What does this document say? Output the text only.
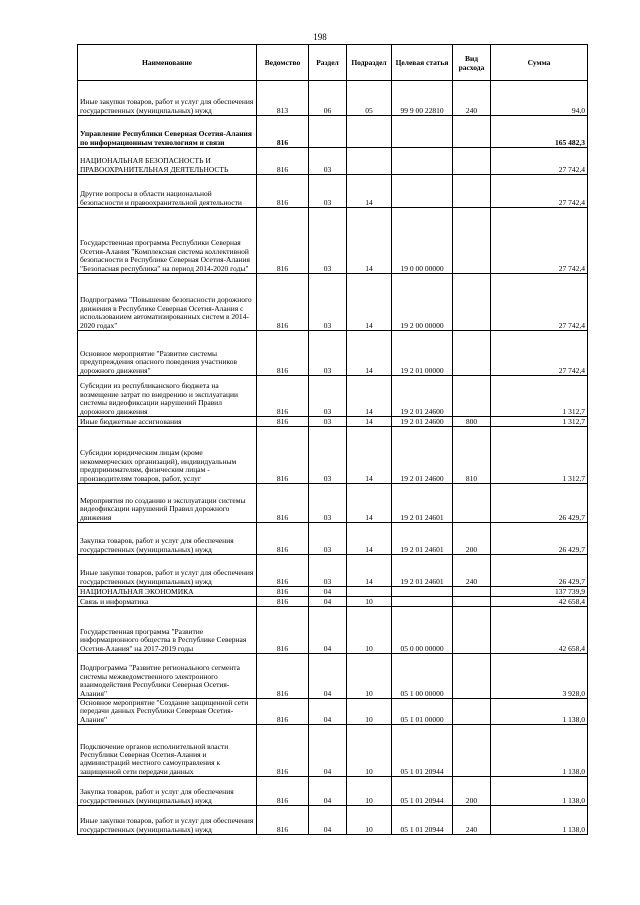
198
Наименование	Ведомство	Раздел	Подраздел	Целевая статья	Вид расхода	Сумма
Иные закупки товаров, работ и услуг для обеспечения государственных (муниципальных) нужд	813	06	05	99 9 00 22810	240	94,0
Управление Республики Северная Осетия-Алания по информационным технологиям и связи	816					165 482,3
НАЦИОНАЛЬНАЯ БЕЗОПАСНОСТЬ И ПРАВООХРАНИТЕЛЬНАЯ ДЕЯТЕЛЬНОСТЬ	816	03				27 742,4
Другие вопросы в области национальной безопасности и правоохранительной деятельности	816	03	14			27 742,4
Государственная программа Республики Северная Осетия-Алания "Комплексная система коллективной безопасности в Республике Северная Осетия-Алания "Безопасная республика" на период 2014-2020 годы"	816	03	14	19 0 00 00000		27 742,4
Подпрограмма "Повышение безопасности дорожного движения в Республике Северная Осетия-Алания с использованием автоматизированных систем в 2014-2020 годах"	816	03	14	19 2 00 00000		27 742,4
Основное мероприятие "Развитие системы предупреждения опасного поведения участников дорожного движения"	816	03	14	19 2 01 00000		27 742,4
Субсидии из республиканского бюджета на возмещение затрат по внедрению и эксплуатации системы видеофиксации нарушений Правил дорожного движения	816	03	14	19 2 01 24600		1 312,7
Иные бюджетные ассигнования	816	03	14	19 2 01 24600	800	1 312,7
Субсидии юридическим лицам (кроме некоммерческих организаций), индивидуальным предпринимателям, физическим лицам - производителям товаров, работ, услуг	816	03	14	19 2 01 24600	810	1 312,7
Мероприятия по созданию и эксплуатации системы видеофиксации нарушений Правил дорожного движения	816	03	14	19 2 01 24601		26 429,7
Закупка товаров, работ и услуг для обеспечения государственных (муниципальных) нужд	816	03	14	19 2 01 24601	200	26 429,7
Иные закупки товаров, работ и услуг для обеспечения государственных (муниципальных) нужд	816	03	14	19 2 01 24601	240	26 429,7
НАЦИОНАЛЬНАЯ ЭКОНОМИКА	816	04				137 739,9
Связь и информатика	816	04	10			42 658,4
Государственная программа "Развитие информационного общества в Республике Северная Осетия-Алания" на 2017-2019 годы	816	04	10	05 0 00 00000		42 658,4
Подпрограмма "Развитие регионального сегмента системы межведомственного электронного взаимодействия Республики Северная Осетия-Алания"	816	04	10	05 1 00 00000		3 928,0
Основное мероприятие "Создание защищенной сети передачи данных Республики Северная Осетия-Алания"	816	04	10	05 1 01 00000		1 138,0
Подключение органов исполнительной власти Республики Северная Осетия-Алания и администраций местного самоуправления к защищенной сети передачи данных	816	04	10	05 1 01 20944		1 138,0
Закупка товаров, работ и услуг для обеспечения государственных (муниципальных) нужд	816	04	10	05 1 01 20944	200	1 138,0
Иные закупки товаров, работ и услуг для обеспечения государственных (муниципальных) нужд	816	04	10	05 1 01 20944	240	1 138,0
